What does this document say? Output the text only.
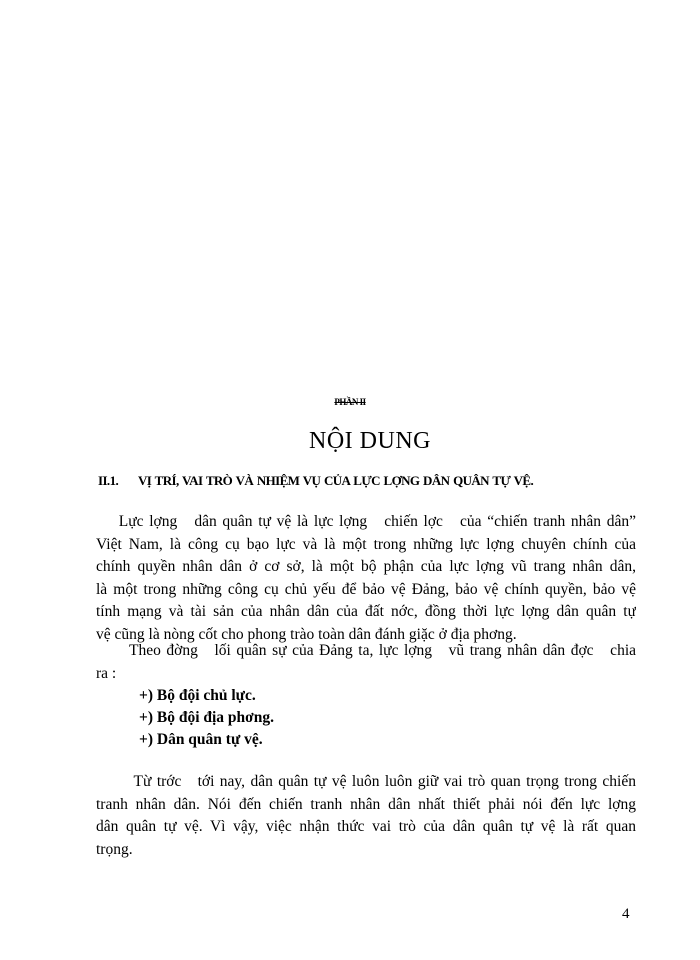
PHẦN II
NỘI DUNG
II.1. VỊ TRÍ, VAI TRÒ VÀ NHIỆM VỤ CỦA LỰC LỢNG DÂN QUÂN TỰ VỆ.
Lực lợng   dân quân tự vệ là lực lợng   chiến lợc   của “chiến tranh nhân dân”
Việt Nam, là công cụ bạo lực và là một trong những lực lợng chuyên chính của
chính quyền nhân dân ở cơ sở, là một bộ phận của lực lợng vũ trang nhân dân,
là một trong những công cụ chủ yếu để bảo vệ Đảng, bảo vệ chính quyền, bảo vệ
tính mạng và tài sản của nhân dân của đất nớc, đồng thời lực lợng dân quân tự
vệ cũng là nòng cốt cho phong trào toàn dân đánh giặc ở địa phơng.
Theo đờng   lối quân sự của Đảng ta, lực lợng   vũ trang nhân dân đợc   chia
ra :
+) Bộ đội chủ lực.
+) Bộ đội địa phơng.
+) Dân quân tự vệ.
Từ trớc   tới nay, dân quân tự vệ luôn luôn giữ vai trò quan trọng trong chiến
tranh nhân dân. Nói đến chiến tranh nhân dân nhất thiết phải nói đến lực lợng
dân quân tự vệ. Vì vậy, việc nhận thức vai trò của dân quân tự vệ là rất quan
trọng.
4
